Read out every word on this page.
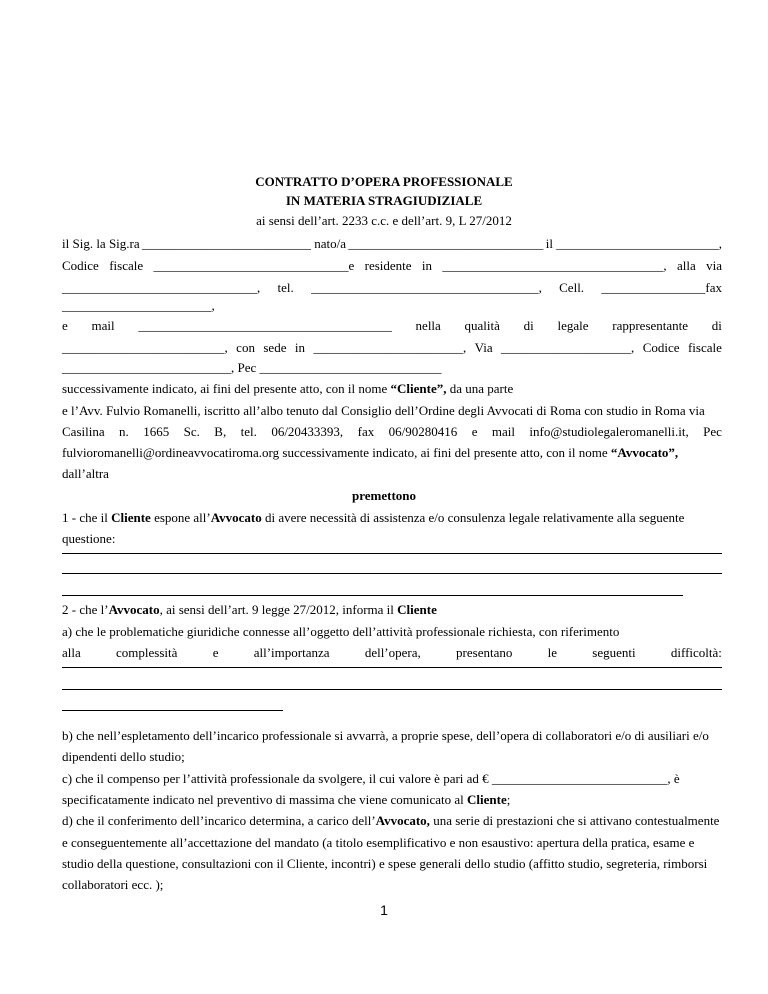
CONTRATTO D’OPERA PROFESSIONALE
IN MATERIA STRAGIUDIZIALE
ai sensi dell’art. 2233 c.c. e dell’art. 9, L 27/2012
il Sig. la Sig.ra __________________________ nato/a ______________________________ il _________________________,
Codice fiscale ______________________________e residente in __________________________________, alla via
______________________________, tel. ___________________________________, Cell. ________________fax
_______________________,
e mail _______________________________________ nella qualità di legale rappresentante di
_________________________, con sede in _______________________, Via ____________________, Codice fiscale
__________________________, Pec ____________________________
successivamente indicato, ai fini del presente atto, con il nome “Cliente”, da una parte
e l’Avv. Fulvio Romanelli, iscritto all’albo tenuto dal Consiglio dell’Ordine degli Avvocati di Roma con studio in Roma via
Casilina n. 1665 Sc. B, tel. 06/20433393, fax 06/90280416 e mail info@studiolegaleromanelli.it, Pec
fulvioromanelli@ordineavvocatiroma.org successivamente indicato, ai fini del presente atto, con il nome “Avvocato”,
dall’altra
premettono
1 - che il Cliente espone all’Avvocato di avere necessità di assistenza e/o consulenza legale relativamente alla seguente
questione:
2 - che l’Avvocato, ai sensi dell’art. 9 legge 27/2012, informa il Cliente
a) che le problematiche giuridiche connesse all’oggetto dell’attività professionale richiesta, con riferimento
alla	complessità	e	all’importanza	dell’opera,	presentano	le	seguenti	difficoltà:
b) che nell’espletamento dell’incarico professionale si avvarrà, a proprie spese, dell’opera di collaboratori e/o di ausiliari e/o
dipendenti dello studio;
c) che il compenso per l’attività professionale da svolgere, il cui valore è pari ad € ___________________________, è
specificatamente indicato nel preventivo di massima che viene comunicato al Cliente;
d) che il conferimento dell’incarico determina, a carico dell’Avvocato, una serie di prestazioni che si attivano contestualmente
e conseguentemente all’accettazione del mandato (a titolo esemplificativo e non esaustivo: apertura della pratica, esame e
studio della questione, consultazioni con il Cliente, incontri) e spese generali dello studio (affitto studio, segreteria, rimborsi
collaboratori ecc. );
1
